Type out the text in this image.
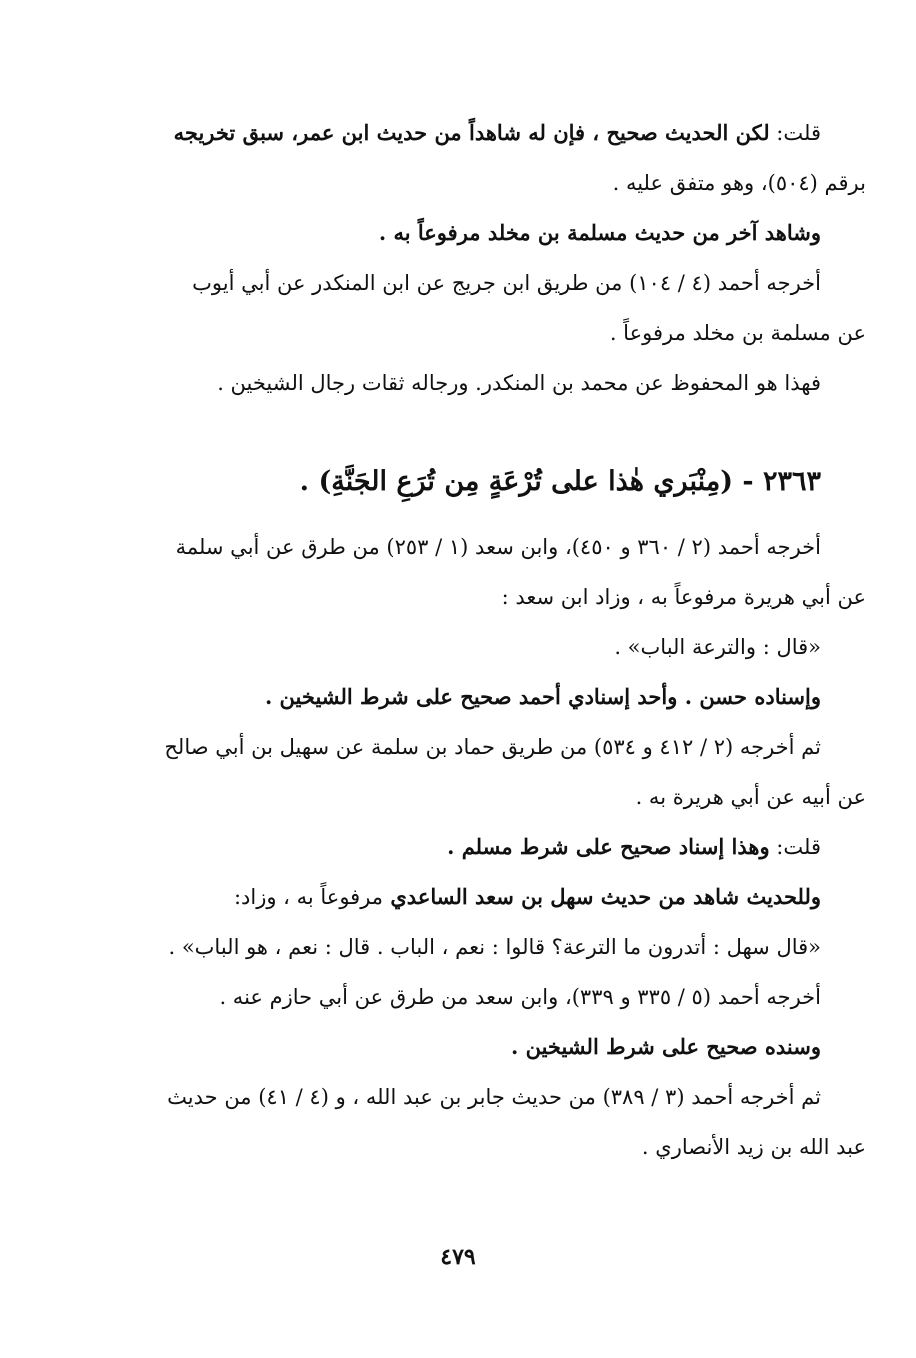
قلت: لكن الحديث صحيح ، فإن له شاهداً من حديث ابن عمر، سبق تخريجه
برقم (٥٠٤)، وهو متفق عليه .
وشاهد آخر من حديث مسلمة بن مخلد مرفوعاً به .
أخرجه أحمد (٤ / ١٠٤) من طريق ابن جريج عن ابن المنكدر عن أبي أيوب
عن مسلمة بن مخلد مرفوعاً .
فهذا هو المحفوظ عن محمد بن المنكدر. ورجاله ثقات رجال الشيخين .
٢٣٦٣ - (مِنْبَري هٰذا على تُرْعَةٍ مِن تُرَعِ الجَنَّةِ) .
أخرجه أحمد (٢ / ٣٦٠ و ٤٥٠)، وابن سعد (١ / ٢٥٣) من طرق عن أبي سلمة
عن أبي هريرة مرفوعاً به ، وزاد ابن سعد :
«قال : والترعة الباب» .
وإسناده حسن . وأحد إسنادي أحمد صحيح على شرط الشيخين .
ثم أخرجه (٢ / ٤١٢ و ٥٣٤) من طريق حماد بن سلمة عن سهيل بن أبي صالح
عن أبيه عن أبي هريرة به .
قلت: وهذا إسناد صحيح على شرط مسلم .
وللحديث شاهد من حديث سهل بن سعد الساعدي مرفوعاً به ، وزاد:
«قال سهل : أتدرون ما الترعة؟ قالوا : نعم ، الباب . قال : نعم ، هو الباب» .
أخرجه أحمد (٥ / ٣٣٥ و ٣٣٩)، وابن سعد من طرق عن أبي حازم عنه .
وسنده صحيح على شرط الشيخين .
ثم أخرجه أحمد (٣ / ٣٨٩) من حديث جابر بن عبد الله ، و (٤ / ٤١) من حديث
عبد الله بن زيد الأنصاري .
٤٧٩
